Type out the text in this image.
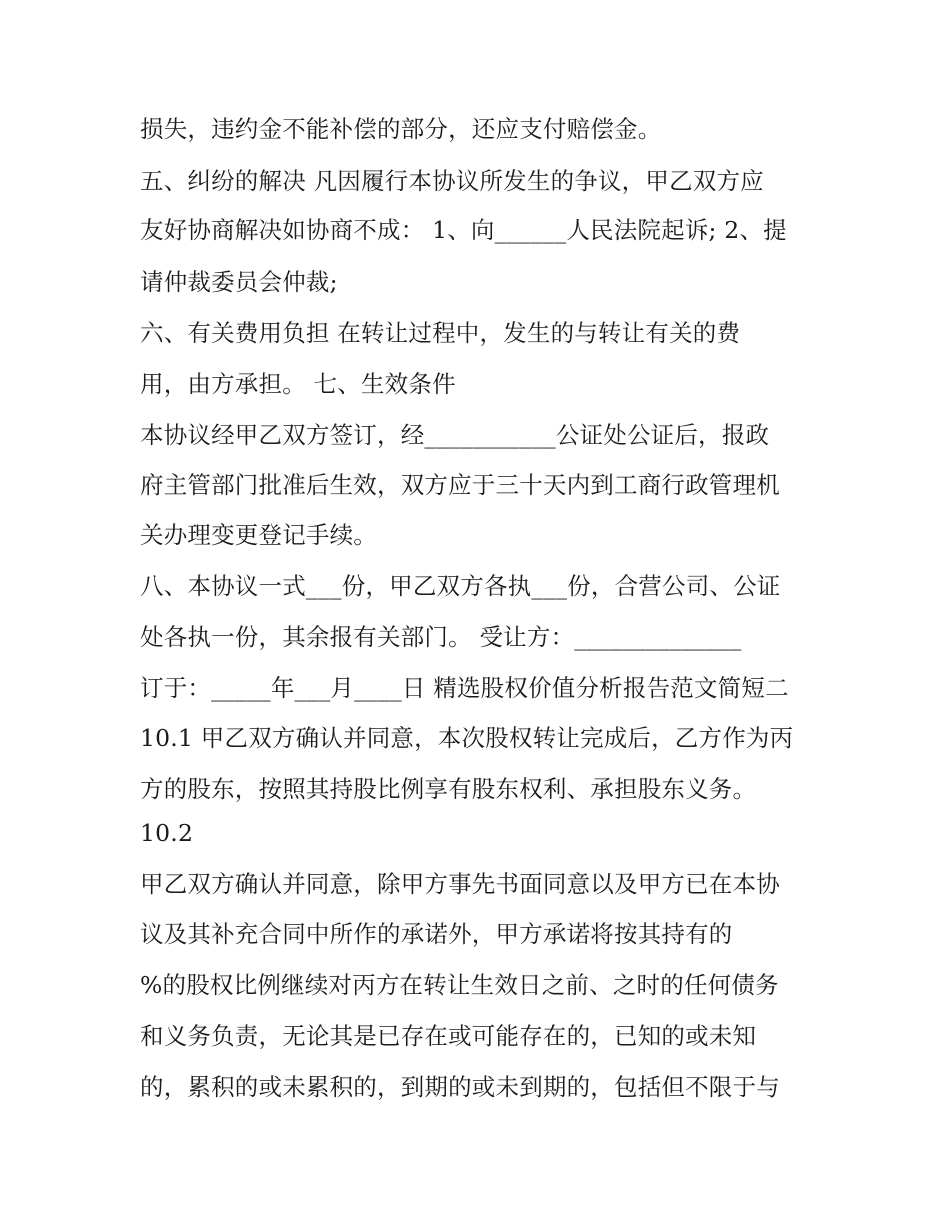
损失，违约金不能补偿的部分，还应支付赔偿金。

五、纠纷的解决 凡因履行本协议所发生的争议，甲乙双方应

友好协商解决如协商不成： 1、向______人民法院起诉; 2、提

请仲裁委员会仲裁;

六、有关费用负担 在转让过程中，发生的与转让有关的费

用，由方承担。 七、生效条件

本协议经甲乙双方签订，经___________公证处公证后，报政

府主管部门批准后生效，双方应于三十天内到工商行政管理机

关办理变更登记手续。

八、本协议一式___份，甲乙双方各执___份，合营公司、公证

处各执一份，其余报有关部门。 受让方：______________

订于：_____年___月____日 精选股权价值分析报告范文简短二

10.1 甲乙双方确认并同意，本次股权转让完成后，乙方作为丙

方的股东，按照其持股比例享有股东权利、承担股东义务。

10.2

甲乙双方确认并同意，除甲方事先书面同意以及甲方已在本协

议及其补充合同中所作的承诺外，甲方承诺将按其持有的

%的股权比例继续对丙方在转让生效日之前、之时的任何债务

和义务负责，无论其是已存在或可能存在的，已知的或未知

的，累积的或未累积的，到期的或未到期的，包括但不限于与
